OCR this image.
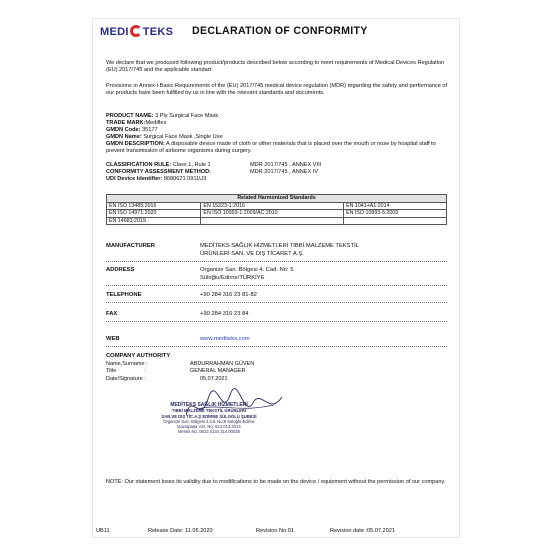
MEDI TEKS	DECLARATION OF CONFORMITY
We declare that we produced following product/products described below according to meet requirements of Medical Devices Regulation (EU) 2017/745 and the applicable standart
Provisions in Annex-I Basic Requirements of the (EU) 2017/745 medical device regulation (MDR) regarding the safety and performance of our products have been fulfilled by us in line with the relevant standards and documents.
PRODUCT NAME: 3 Ply Surgical Face Mask
TRADE MARK:Mediflex
GMDN Code: 35177
GMDN Name: Surgical Face Mask ,Single Use
GMDN DESCRIPTION: A disposable device made of cloth or other materials that is placed over the mouth or nose by hospital staff to prevent transmission of airborne organisms during surgery.
CLASSIFICATION RULE: Class 1, Rule 1	MDR 2017/745 , ANNEX VIII
CONFORMITY ASSESSMENT METHOD:	MDR 2017/745 , ANNEX IV
UDI Device Identifier: 8680621 0911U3
Related Harmonized Standards		
EN ISO 13485:2016	EN 15223-1:2016	EN 1041+A1:2014
EN ISO 14971:2020	EN ISO 10993-1:2009/AC:2010	EN ISO 10993-5:2009
EN 14683:2019		
MANUFACTURER	MEDİTEKS SAĞLIK HİZMETLERİ TIBBİ MALZEME TEKSTİL
ÜRÜNLERİ SAN. VE DIŞ TİCARET A.Ş.
ADDRESS	Organize San. Bölgesi 4. Cad. No: 5
Süloğlu/Edirne/TÜRKİYE
TELEPHONE	+90 284 316 23 81-82
FAX	+90 284 316 23 84
WEB	www.mediteks.com
COMPANY AUTHORITY
Name,Surname :	ABDURRAHMAN GÜVEN
Title	:	GENERAL MANAGER
Date/Signature :	05.07.2021
MEDİTEKS SAĞLIK HİZMETLERİ
TIBBİ MALZEME TEKSTİL ÜRÜNLERİ
SAN.VE DIŞ TİC.A.Ş EDİRNE SÜLOĞLU ŞUBESİ
Organize San. Bölgesi 4.Cd. No:5 Süloğlu-Edirne
Davutpaşa V.D. No: 613 013 4314
Mersis No: 0613 0134 314 00035
NOTE: Our statement loses its validity due to modifications to be made on the device / equipment without the permission of our company.
UB11	Release Date: 11.05.2020	Revision No:01	Revision date :05.07.2021
